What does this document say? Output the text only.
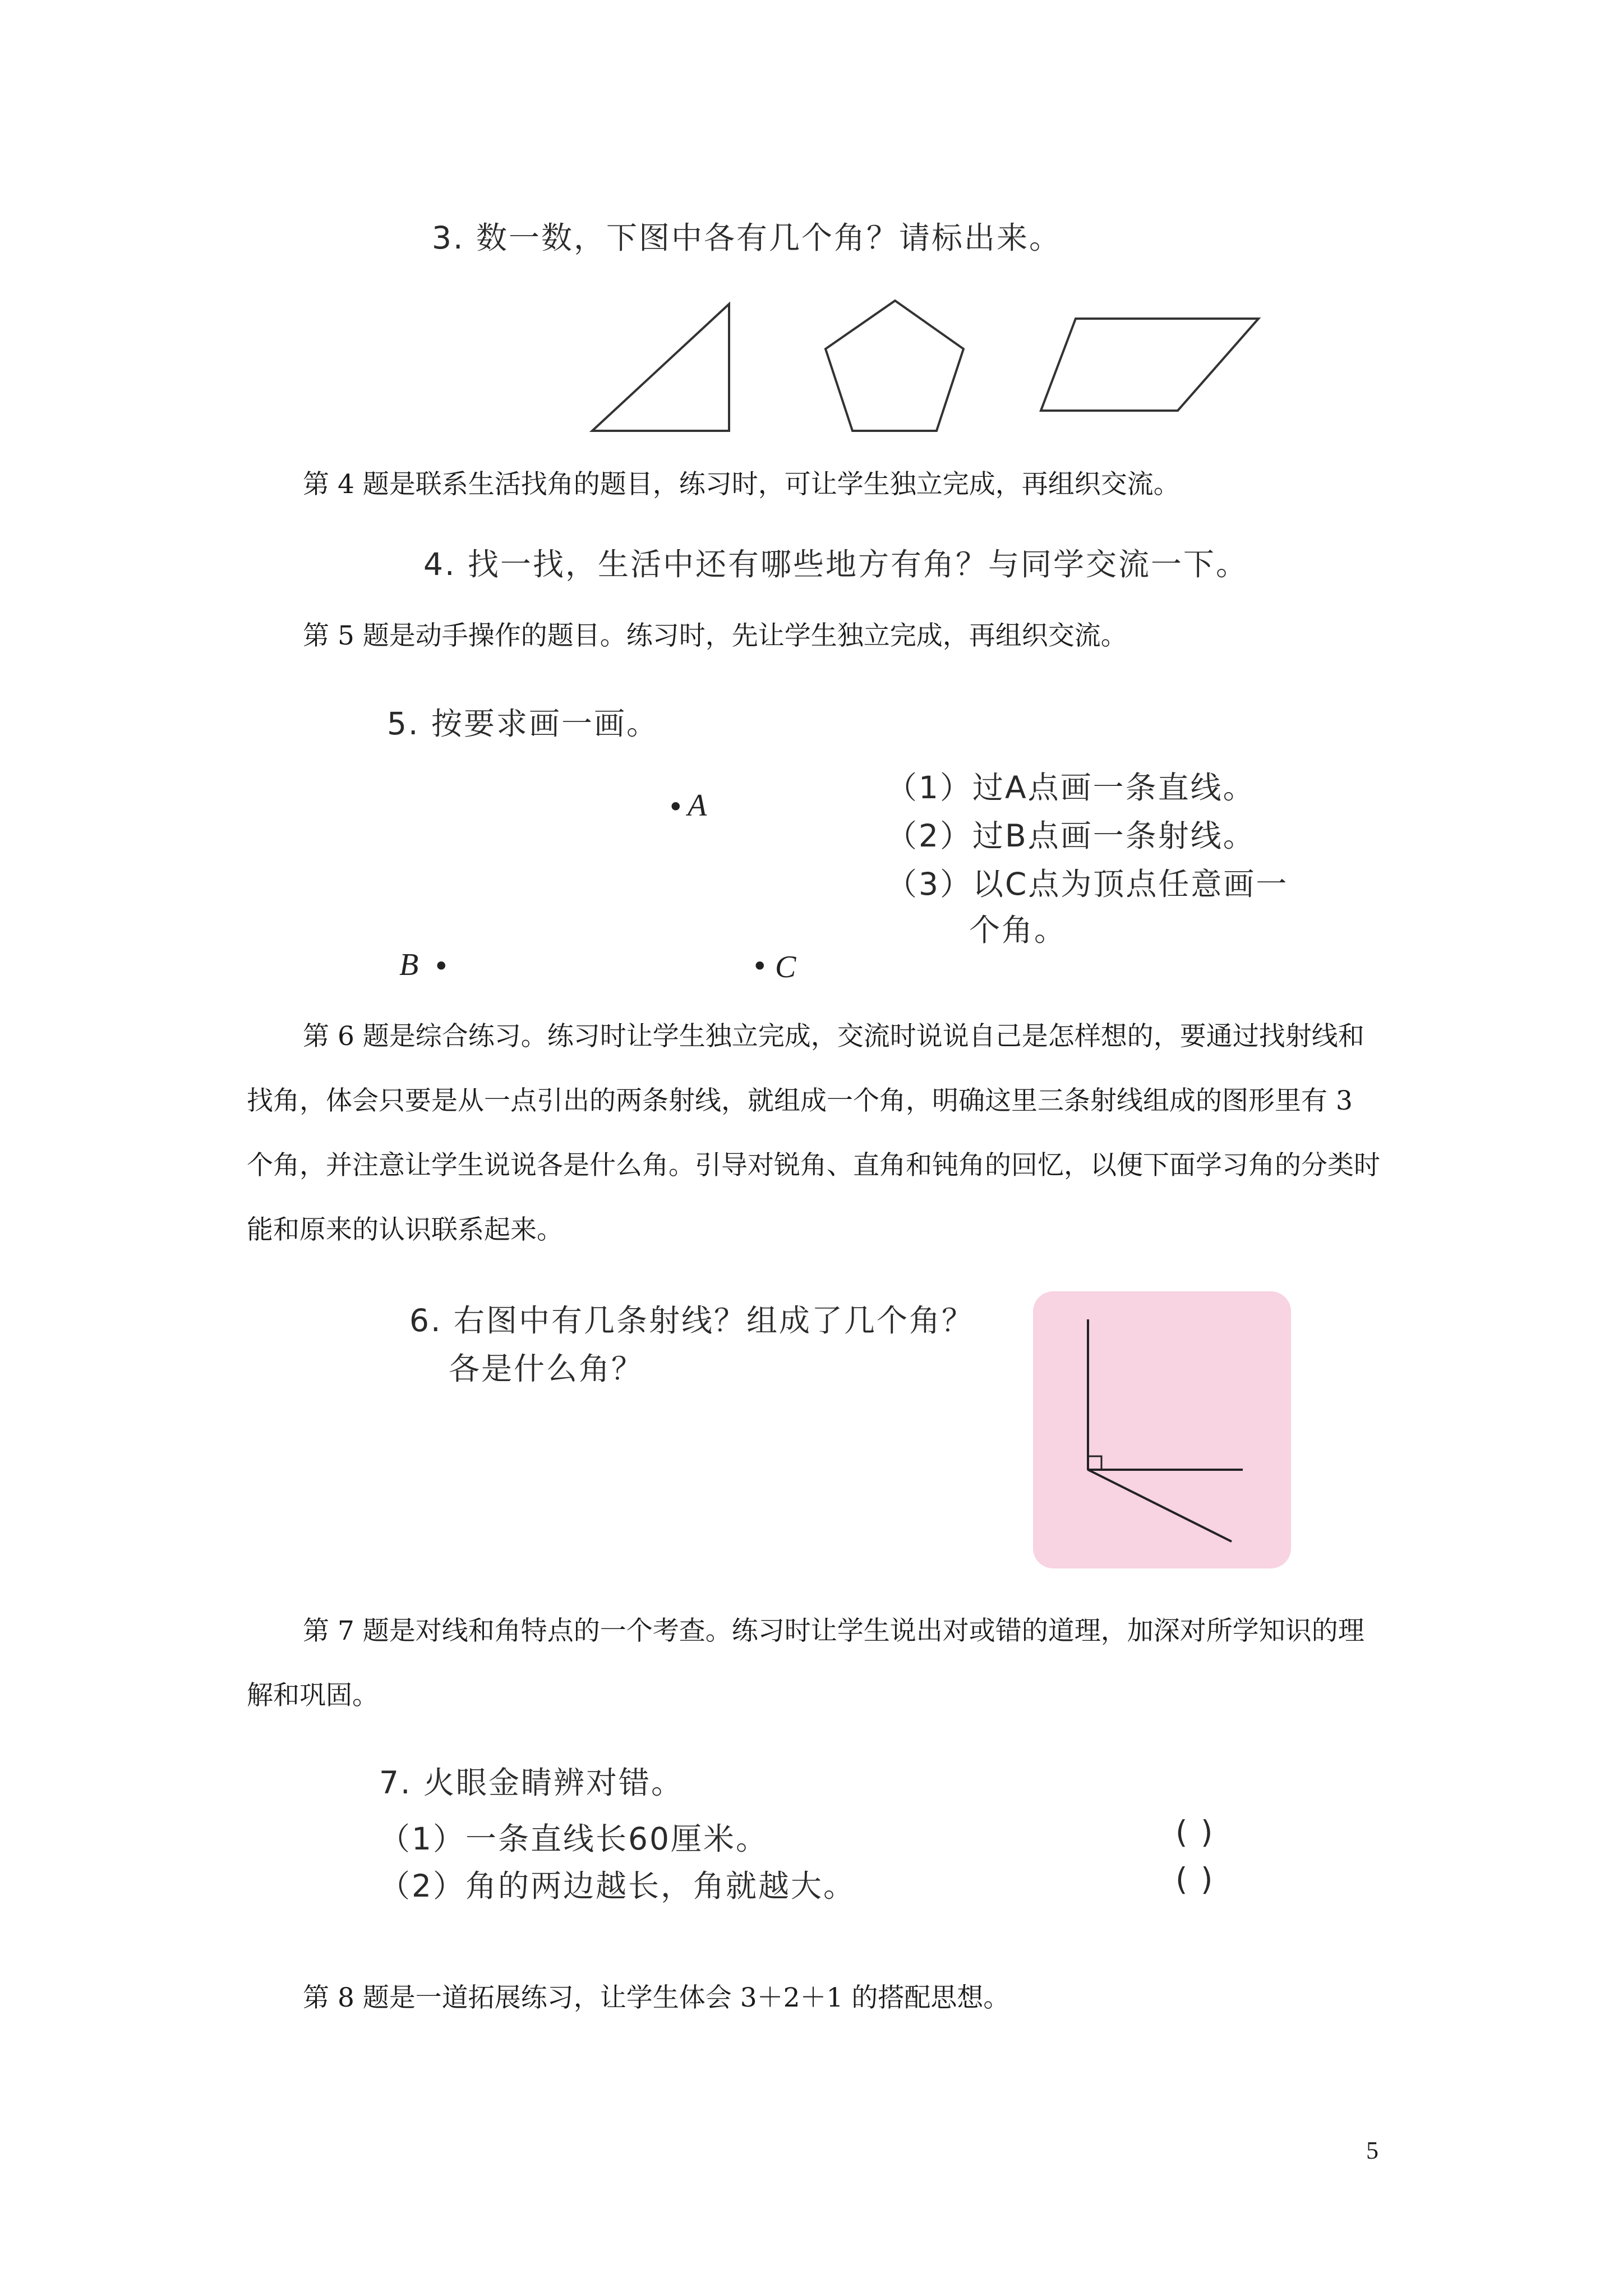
3. 数一数，下图中各有几个角？请标出来。
第 4 题是联系生活找角的题目，练习时，可让学生独立完成，再组织交流。
4. 找一找，生活中还有哪些地方有角？与同学交流一下。
第 5 题是动手操作的题目。练习时，先让学生独立完成，再组织交流。
5. 按要求画一画。
• A
B •	• C
（1）过A点画一条直线。
（2）过B点画一条射线。
（3）以C点为顶点任意画一
个角。
第 6 题是综合练习。练习时让学生独立完成，交流时说说自己是怎样想的，要通过找射线和找角，体会只要是从一点引出的两条射线，就组成一个角，明确这里三条射线组成的图形里有 3 个角，并注意让学生说说各是什么角。引导对锐角、直角和钝角的回忆，以便下面学习角的分类时能和原来的认识联系起来。
6. 右图中有几条射线？组成了几个角？
各是什么角？
第 7 题是对线和角特点的一个考查。练习时让学生说出对或错的道理，加深对所学知识的理解和巩固。
7. 火眼金睛辨对错。
（1）一条直线长60厘米。	( )
（2）角的两边越长，角就越大。	( )
第 8 题是一道拓展练习，让学生体会 3＋2＋1 的搭配思想。
5
